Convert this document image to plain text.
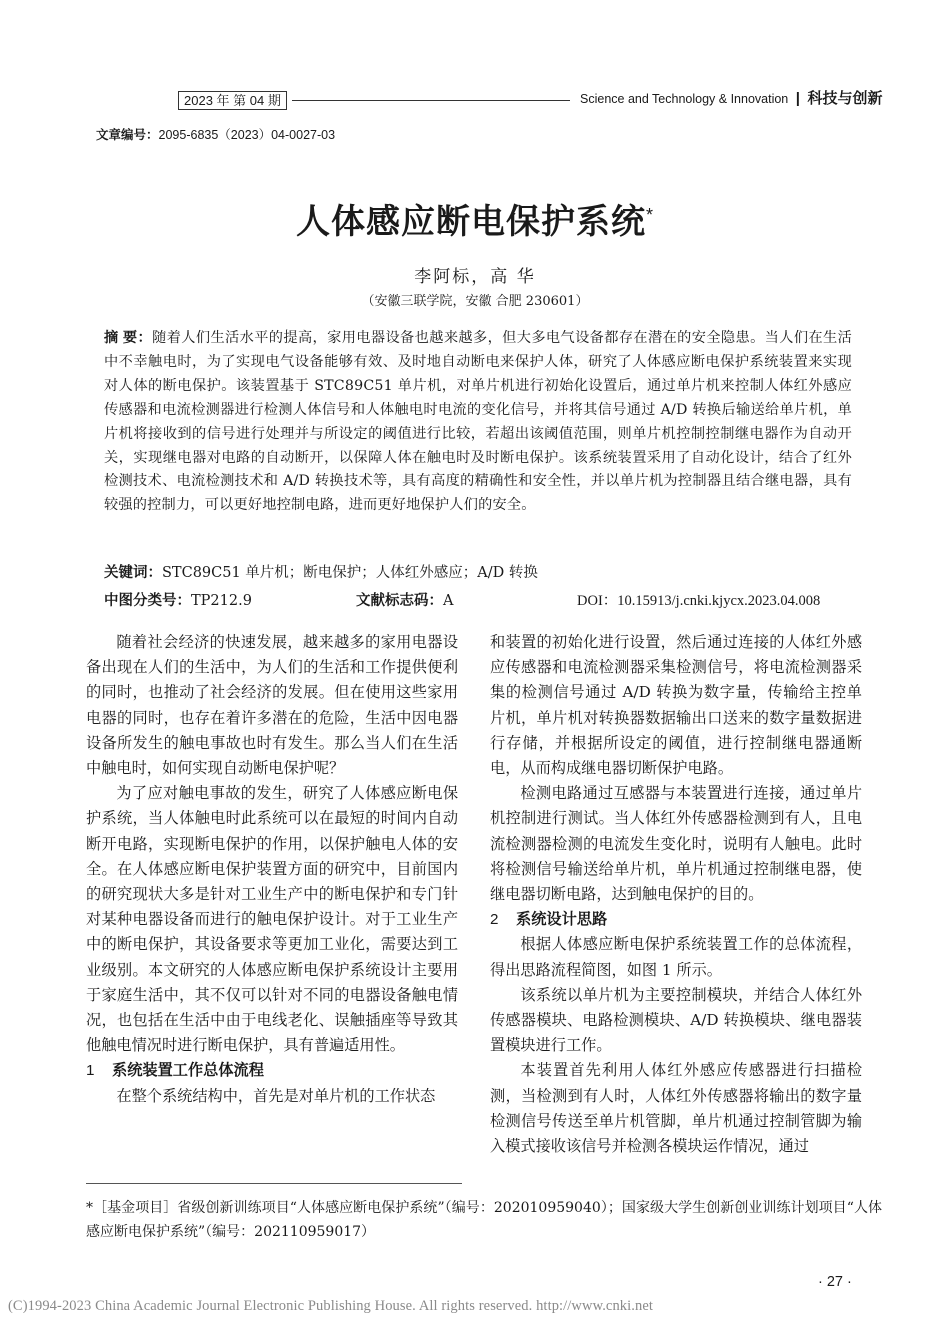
2023 年 第 04 期	Science and Technology & Innovation | 科技与创新
文章编号：2095-6835（2023）04-0027-03
人体感应断电保护系统*
李阿标，高 华
（安徽三联学院，安徽 合肥 230601）
摘 要：随着人们生活水平的提高，家用电器设备也越来越多，但大多电气设备都存在潜在的安全隐患。当人们在生活中不幸触电时，为了实现电气设备能够有效、及时地自动断电来保护人体，研究了人体感应断电保护系统装置来实现对人体的断电保护。该装置基于 STC89C51 单片机，对单片机进行初始化设置后，通过单片机来控制人体红外感应传感器和电流检测器进行检测人体信号和人体触电时电流的变化信号，并将其信号通过 A/D 转换后输送给单片机，单片机将接收到的信号进行处理并与所设定的阈值进行比较，若超出该阈值范围，则单片机控制控制继电器作为自动开关，实现继电器对电路的自动断开，以保障人体在触电时及时断电保护。该系统装置采用了自动化设计，结合了红外检测技术、电流检测技术和 A/D 转换技术等，具有高度的精确性和安全性，并以单片机为控制器且结合继电器，具有较强的控制力，可以更好地控制电路，进而更好地保护人们的安全。
关键词：STC89C51 单片机；断电保护；人体红外感应；A/D 转换
中图分类号：TP212.9	文献标志码：A	DOI：10.15913/j.cnki.kjycx.2023.04.008

随着社会经济的快速发展，越来越多的家用电器设备出现在人们的生活中，为人们的生活和工作提供便利的同时，也推动了社会经济的发展。但在使用这些家用电器的同时，也存在着许多潜在的危险，生活中因电器设备所发生的触电事故也时有发生。那么当人们在生活中触电时，如何实现自动断电保护呢？

为了应对触电事故的发生，研究了人体感应断电保护系统，当人体触电时此系统可以在最短的时间内自动断开电路，实现断电保护的作用，以保护触电人体的安全。在人体感应断电保护装置方面的研究中，目前国内的研究现状大多是针对工业生产中的断电保护和专门针对某种电器设备而进行的触电保护设计。对于工业生产中的断电保护，其设备要求等更加工业化，需要达到工业级别。本文研究的人体感应断电保护系统设计主要用于家庭生活中，其不仅可以针对不同的电器设备触电情况，也包括在生活中由于电线老化、误触插座等导致其他触电情况时进行断电保护，具有普遍适用性。

1 系统装置工作总体流程

在整个系统结构中，首先是对单片机的工作状态

和装置的初始化进行设置，然后通过连接的人体红外感应传感器和电流检测器采集检测信号，将电流检测器采集的检测信号通过 A/D 转换为数字量，传输给主控单片机，单片机对转换器数据输出口送来的数字量数据进行存储，并根据所设定的阈值，进行控制继电器通断电，从而构成继电器切断保护电路。

检测电路通过互感器与本装置进行连接，通过单片机控制进行测试。当人体红外传感器检测到有人，且电流检测器检测的电流发生变化时，说明有人触电。此时将检测信号输送给单片机，单片机通过控制继电器，使继电器切断电路，达到触电保护的目的。

2 系统设计思路

根据人体感应断电保护系统装置工作的总体流程，得出思路流程简图，如图 1 所示。

该系统以单片机为主要控制模块，并结合人体红外传感器模块、电路检测模块、A/D 转换模块、继电器装置模块进行工作。

本装置首先利用人体红外感应传感器进行扫描检测，当检测到有人时，人体红外传感器将输出的数字量检测信号传送至单片机管脚，单片机通过控制管脚为输入模式接收该信号并检测各模块运作情况，通过

*［基金项目］省级创新训练项目“人体感应断电保护系统”（编号：202010959040）；国家级大学生创新创业训练计划项目“人体感应断电保护系统”（编号：202110959017）
· 27 ·
(C)1994-2023 China Academic Journal Electronic Publishing House. All rights reserved. http://www.cnki.net
